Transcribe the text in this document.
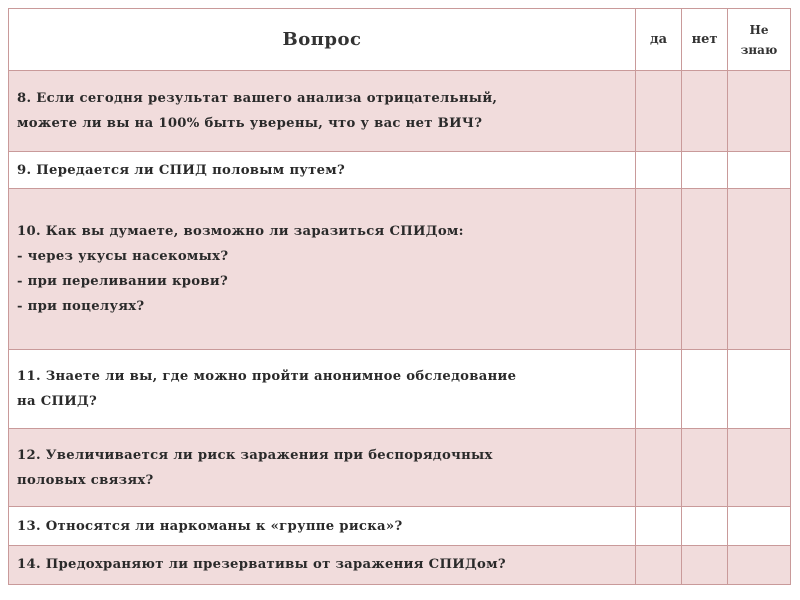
Вопрос	да	нет	Не
знаю
8. Если сегодня результат вашего анализа отрицательный,
можете ли вы на 100% быть уверены, что у вас нет ВИЧ?			
9. Передается ли СПИД половым путем?			
10. Как вы думаете, возможно ли заразиться СПИДом:
- через укусы насекомых?
- при переливании крови?
- при поцелуях?			
11. Знаете ли вы, где можно пройти анонимное обследование
на СПИД?			
12. Увеличивается ли риск заражения при беспорядочных
половых связях?			
13. Относятся ли наркоманы к «группе риска»?			
14. Предохраняют ли презервативы от заражения СПИДом?			
